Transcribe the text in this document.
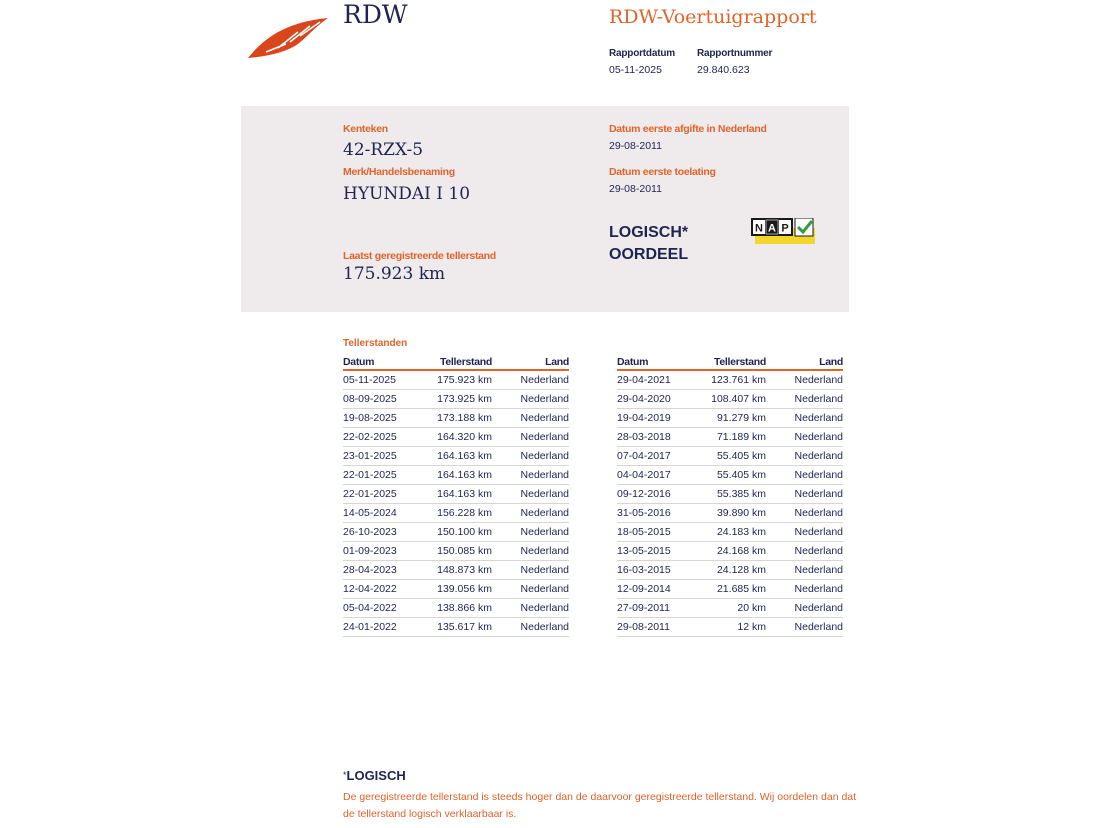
RDW	RDW-Voertuigrapport
Rapportdatum
05-11-2025
Rapportnummer
29.840.623
Kenteken
42-RZX-5
Merk/Handelsbenaming
HYUNDAI I 10
Laatst geregistreerde tellerstand
175.923 km
Datum eerste afgifte in Nederland
29-08-2011
Datum eerste toelating
29-08-2011
LOGISCH*
OORDEEL
N A P
Tellerstanden
Datum	Tellerstand	Land
05-11-2025	175.923 km	Nederland
08-09-2025	173.925 km	Nederland
19-08-2025	173.188 km	Nederland
22-02-2025	164.320 km	Nederland
23-01-2025	164.163 km	Nederland
22-01-2025	164.163 km	Nederland
22-01-2025	164.163 km	Nederland
14-05-2024	156.228 km	Nederland
26-10-2023	150.100 km	Nederland
01-09-2023	150.085 km	Nederland
28-04-2023	148.873 km	Nederland
12-04-2022	139.056 km	Nederland
05-04-2022	138.866 km	Nederland
24-01-2022	135.617 km	Nederland
Datum	Tellerstand	Land
29-04-2021	123.761 km	Nederland
29-04-2020	108.407 km	Nederland
19-04-2019	91.279 km	Nederland
28-03-2018	71.189 km	Nederland
07-04-2017	55.405 km	Nederland
04-04-2017	55.405 km	Nederland
09-12-2016	55.385 km	Nederland
31-05-2016	39.890 km	Nederland
18-05-2015	24.183 km	Nederland
13-05-2015	24.168 km	Nederland
16-03-2015	24.128 km	Nederland
12-09-2014	21.685 km	Nederland
27-09-2011	20 km	Nederland
29-08-2011	12 km	Nederland
*LOGISCH
De geregistreerde tellerstand is steeds hoger dan de daarvoor geregistreerde tellerstand. Wij oordelen dan dat de tellerstand logisch verklaarbaar is.
